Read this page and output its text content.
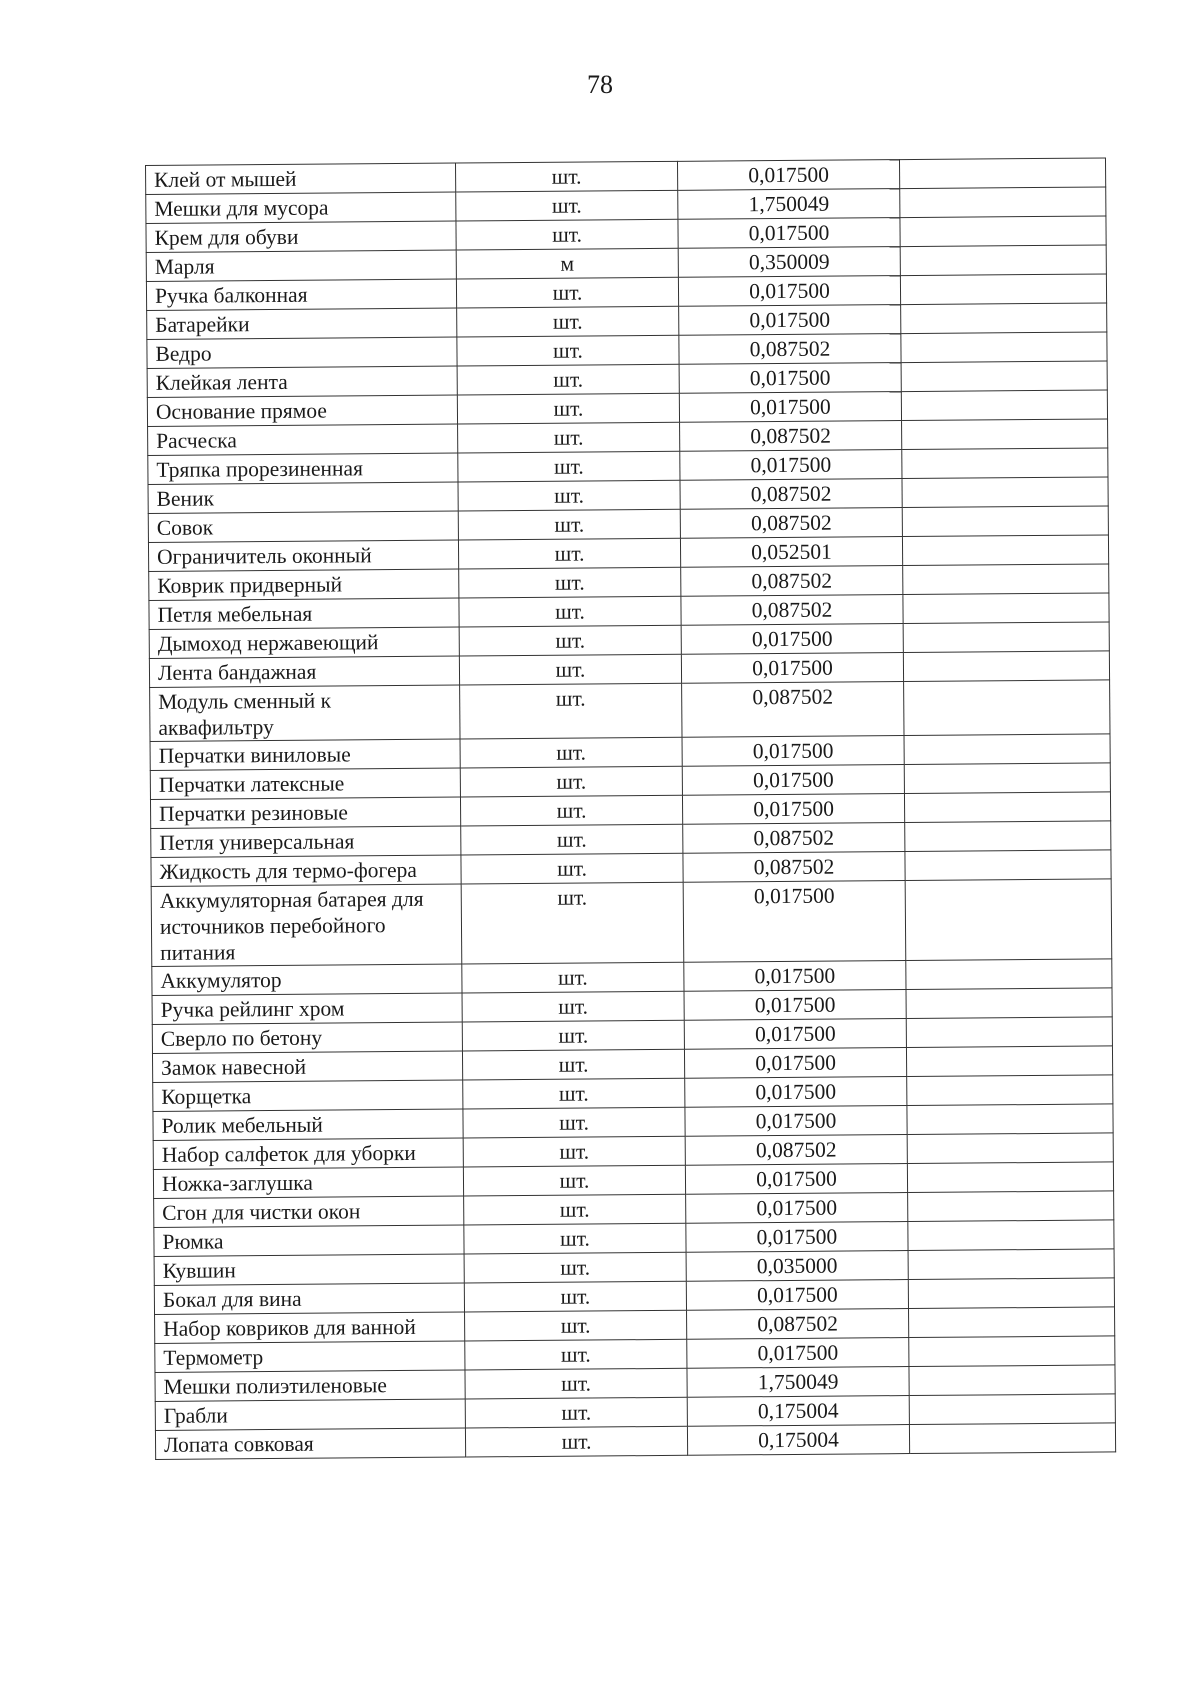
78
Клей от мышей	шт.	0,017500	
Мешки для мусора	шт.	1,750049	
Крем для обуви	шт.	0,017500	
Марля	м	0,350009	
Ручка балконная	шт.	0,017500	
Батарейки	шт.	0,017500	
Ведро	шт.	0,087502	
Клейкая лента	шт.	0,017500	
Основание прямое	шт.	0,017500	
Расческа	шт.	0,087502	
Тряпка прорезиненная	шт.	0,017500	
Веник	шт.	0,087502	
Совок	шт.	0,087502	
Ограничитель оконный	шт.	0,052501	
Коврик придверный	шт.	0,087502	
Петля мебельная	шт.	0,087502	
Дымоход нержавеющий	шт.	0,017500	
Лента бандажная	шт.	0,017500	
Модуль сменный к аквафильтру	шт.	0,087502	
Перчатки виниловые	шт.	0,017500	
Перчатки латексные	шт.	0,017500	
Перчатки резиновые	шт.	0,017500	
Петля универсальная	шт.	0,087502	
Жидкость для термо-фогера	шт.	0,087502	
Аккумуляторная батарея для источников перебойного питания	шт.	0,017500	
Аккумулятор	шт.	0,017500	
Ручка рейлинг хром	шт.	0,017500	
Сверло по бетону	шт.	0,017500	
Замок навесной	шт.	0,017500	
Корщетка	шт.	0,017500	
Ролик мебельный	шт.	0,017500	
Набор салфеток для уборки	шт.	0,087502	
Ножка-заглушка	шт.	0,017500	
Сгон для чистки окон	шт.	0,017500	
Рюмка	шт.	0,017500	
Кувшин	шт.	0,035000	
Бокал для вина	шт.	0,017500	
Набор ковриков для ванной	шт.	0,087502	
Термометр	шт.	0,017500	
Мешки полиэтиленовые	шт.	1,750049	
Грабли	шт.	0,175004	
Лопата совковая	шт.	0,175004	
